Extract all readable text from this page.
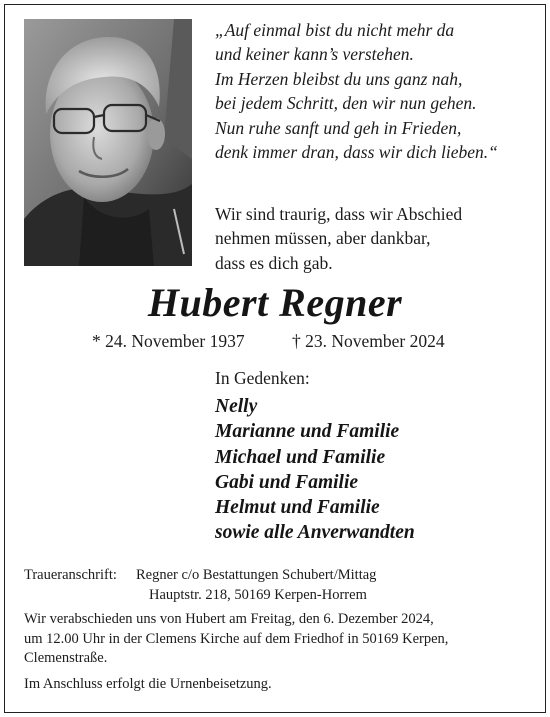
„Auf einmal bist du nicht mehr da
und keiner kann’s verstehen.
Im Herzen bleibst du uns ganz nah,
bei jedem Schritt, den wir nun gehen.
Nun ruhe sanft und geh in Frieden,
denk immer dran, dass wir dich lieben.“
Wir sind traurig, dass wir Abschied
nehmen müssen, aber dankbar,
dass es dich gab.
Hubert Regner
* 24. November 1937	† 23. November 2024
In Gedenken:
Nelly
Marianne und Familie
Michael und Familie
Gabi und Familie
Helmut und Familie
sowie alle Anverwandten
Traueranschrift: Regner c/o Bestattungen Schubert/Mittag
Hauptstr. 218, 50169 Kerpen-Horrem
Wir verabschieden uns von Hubert am Freitag, den 6. Dezember 2024,
um 12.00 Uhr in der Clemens Kirche auf dem Friedhof in 50169 Kerpen,
Clemenstraße.
Im Anschluss erfolgt die Urnenbeisetzung.
